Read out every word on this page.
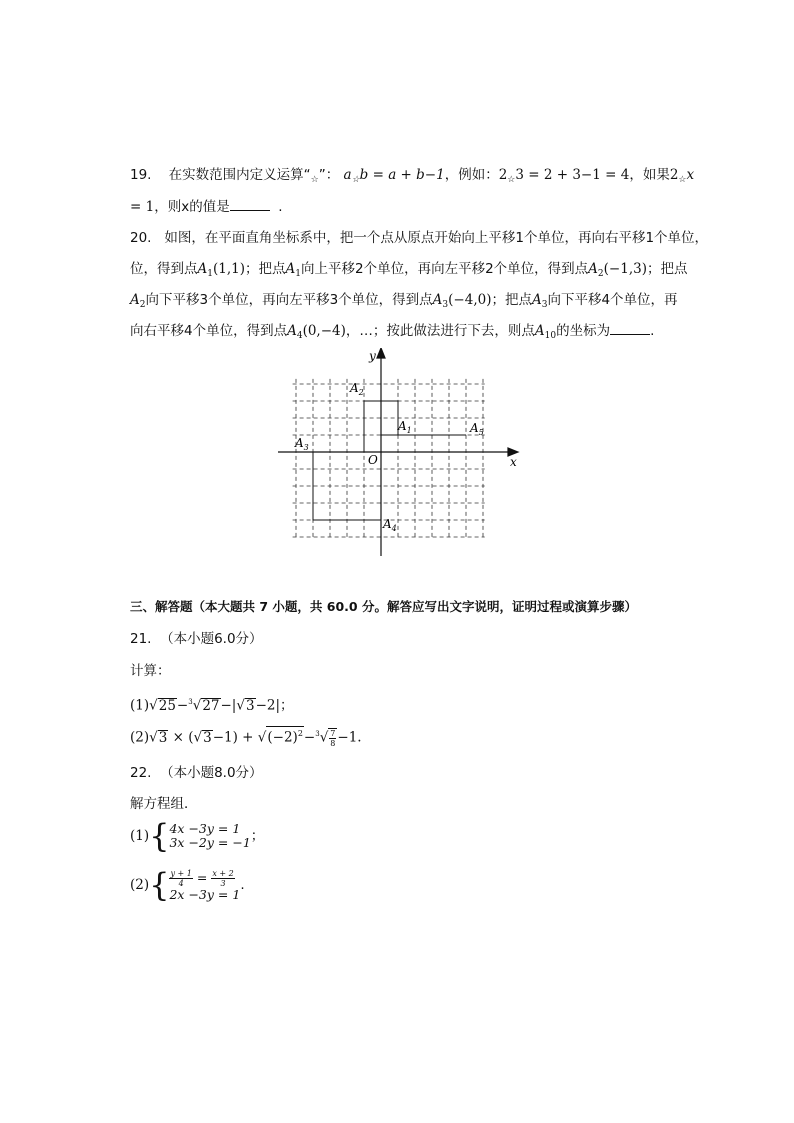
19. 在实数范围内定义运算“$_☆$”： $a_☆b = a + b-1$，例如：$2_☆3 = 2 + 3-1 = 4$，如果$2_☆x$
= 1，则x的值是	.
20. 如图，在平面直角坐标系中，把一个点从原点开始向上平移1个单位，再向右平移1个单位，
位，得到点$A_1(1,1)$；把点$A_1$向上平移2个单位，再向左平移2个单位，得到点$A_2(-1,3)$；把点
$A_2$向下平移3个单位，再向左平移3个单位，得到点$A_3(-4,0)$；把点$A_3$向下平移4个单位，再
向右平移4个单位，得到点$A_4(0,-4)$，…；按此做法进行下去，则点$A_{10}$的坐标为	.
x
y
O
$A_1$
$A_2$
$A_3$
$A_4$
$A_5$
三、解答题（本大题共 7 小题，共 60.0 分。解答应写出文字说明，证明过程或演算步骤）
21. （本小题6.0分）
计算：
(1)√25−$^3$√27−|√3−2|；
$(2)√3 \times (√3-1) + √(-2)^2-^3√ \frac{7}{8}-1$.
22. （本小题8.0分）
解方程组．
(1){ 4x −3y = 1
3x −2y = −1 ；
$(2)\{ \frac{y + 1}{4} = \frac{x + 2}{3}$
2x −3y = 1
.
